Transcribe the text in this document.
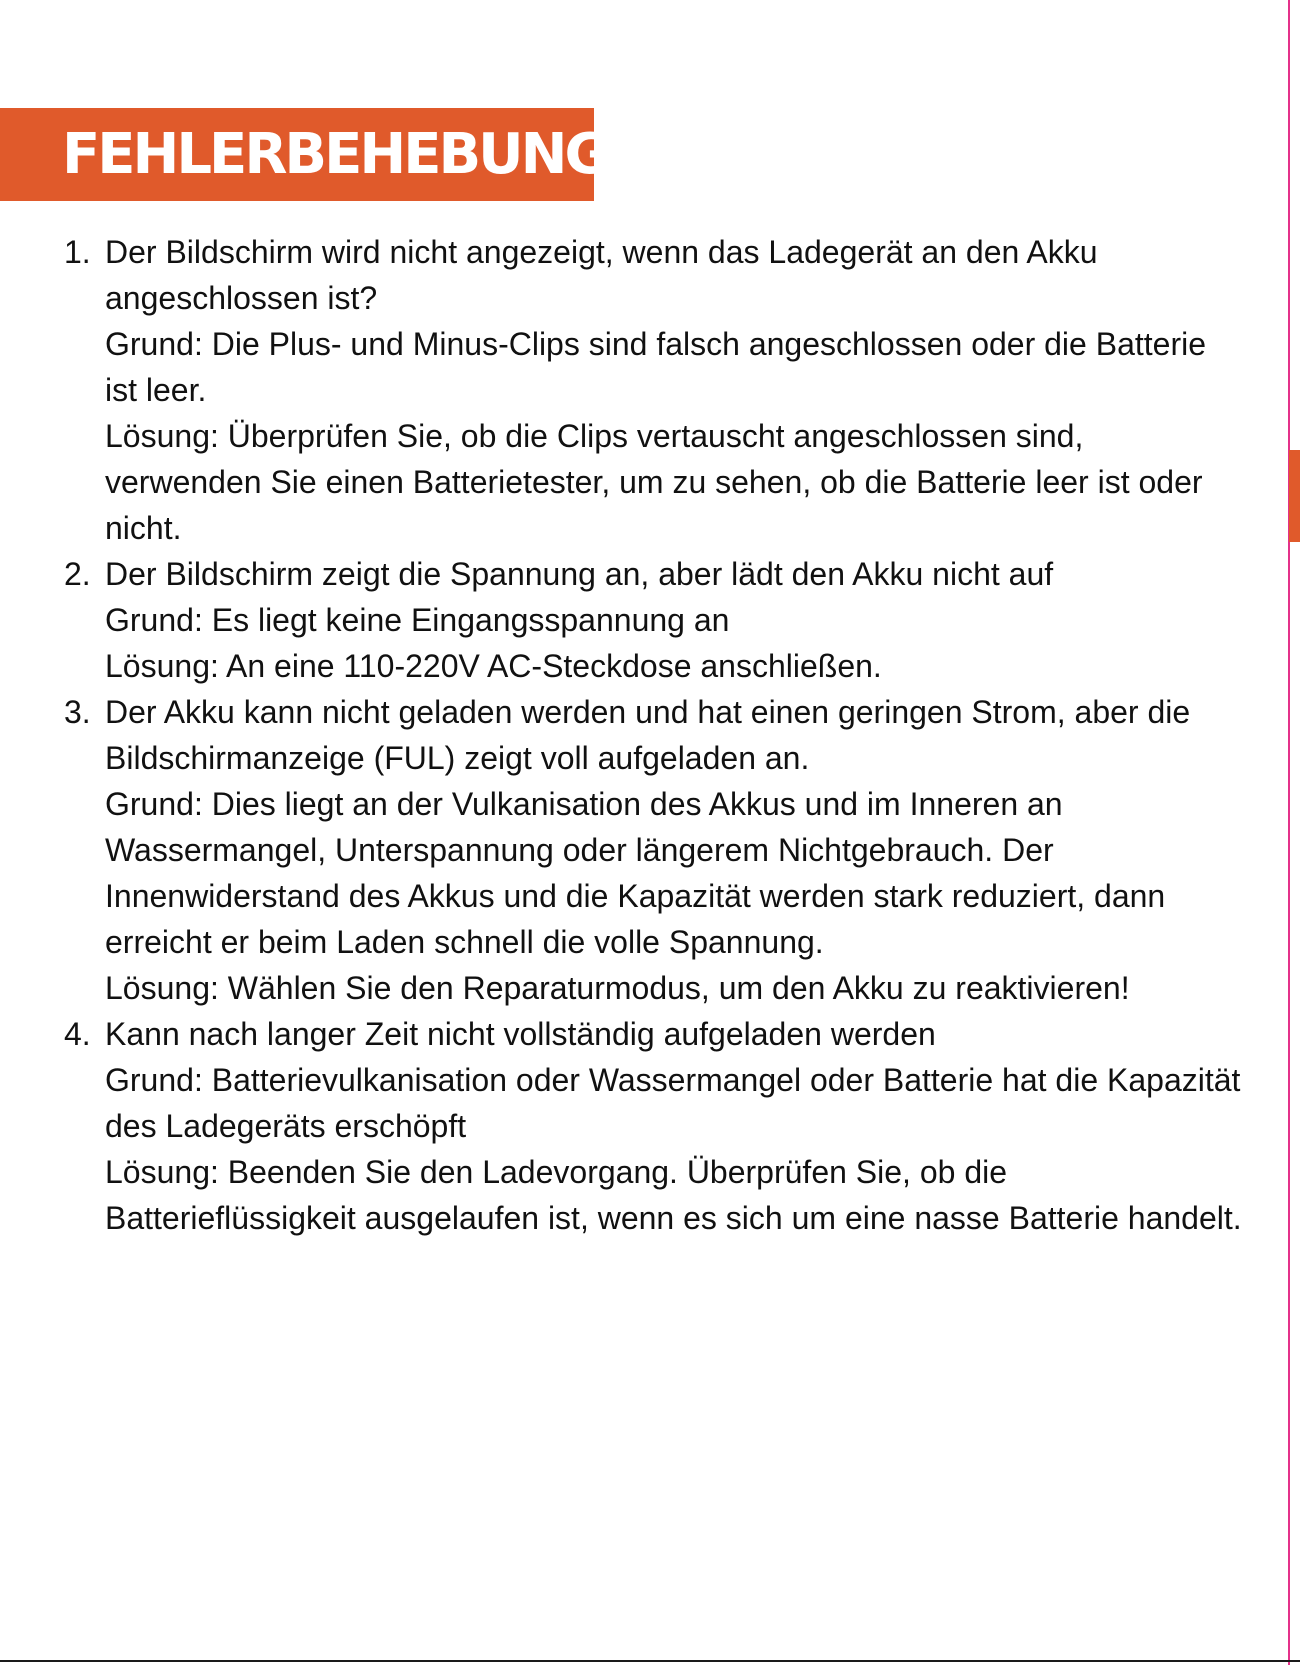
FEHLERBEHEBUNG
1. Der Bildschirm wird nicht angezeigt, wenn das Ladegerät an den Akku angeschlossen ist?
Grund: Die Plus- und Minus-Clips sind falsch angeschlossen oder die Batterie ist leer.
Lösung: Überprüfen Sie, ob die Clips vertauscht angeschlossen sind, verwenden Sie einen Batterietester, um zu sehen, ob die Batterie leer ist oder nicht.
2. Der Bildschirm zeigt die Spannung an, aber lädt den Akku nicht auf
Grund: Es liegt keine Eingangsspannung an
Lösung: An eine 110-220V AC-Steckdose anschließen.
3. Der Akku kann nicht geladen werden und hat einen geringen Strom, aber die Bildschirmanzeige (FUL) zeigt voll aufgeladen an.
Grund: Dies liegt an der Vulkanisation des Akkus und im Inneren an Wassermangel, Unterspannung oder längerem Nichtgebrauch. Der Innenwiderstand des Akkus und die Kapazität werden stark reduziert, dann erreicht er beim Laden schnell die volle Spannung.
Lösung: Wählen Sie den Reparaturmodus, um den Akku zu reaktivieren!
4. Kann nach langer Zeit nicht vollständig aufgeladen werden
Grund: Batterievulkanisation oder Wassermangel oder Batterie hat die Kapazität des Ladegeräts erschöpft
Lösung: Beenden Sie den Ladevorgang. Überprüfen Sie, ob die Batterieflüssigkeit ausgelaufen ist, wenn es sich um eine nasse Batterie handelt.
